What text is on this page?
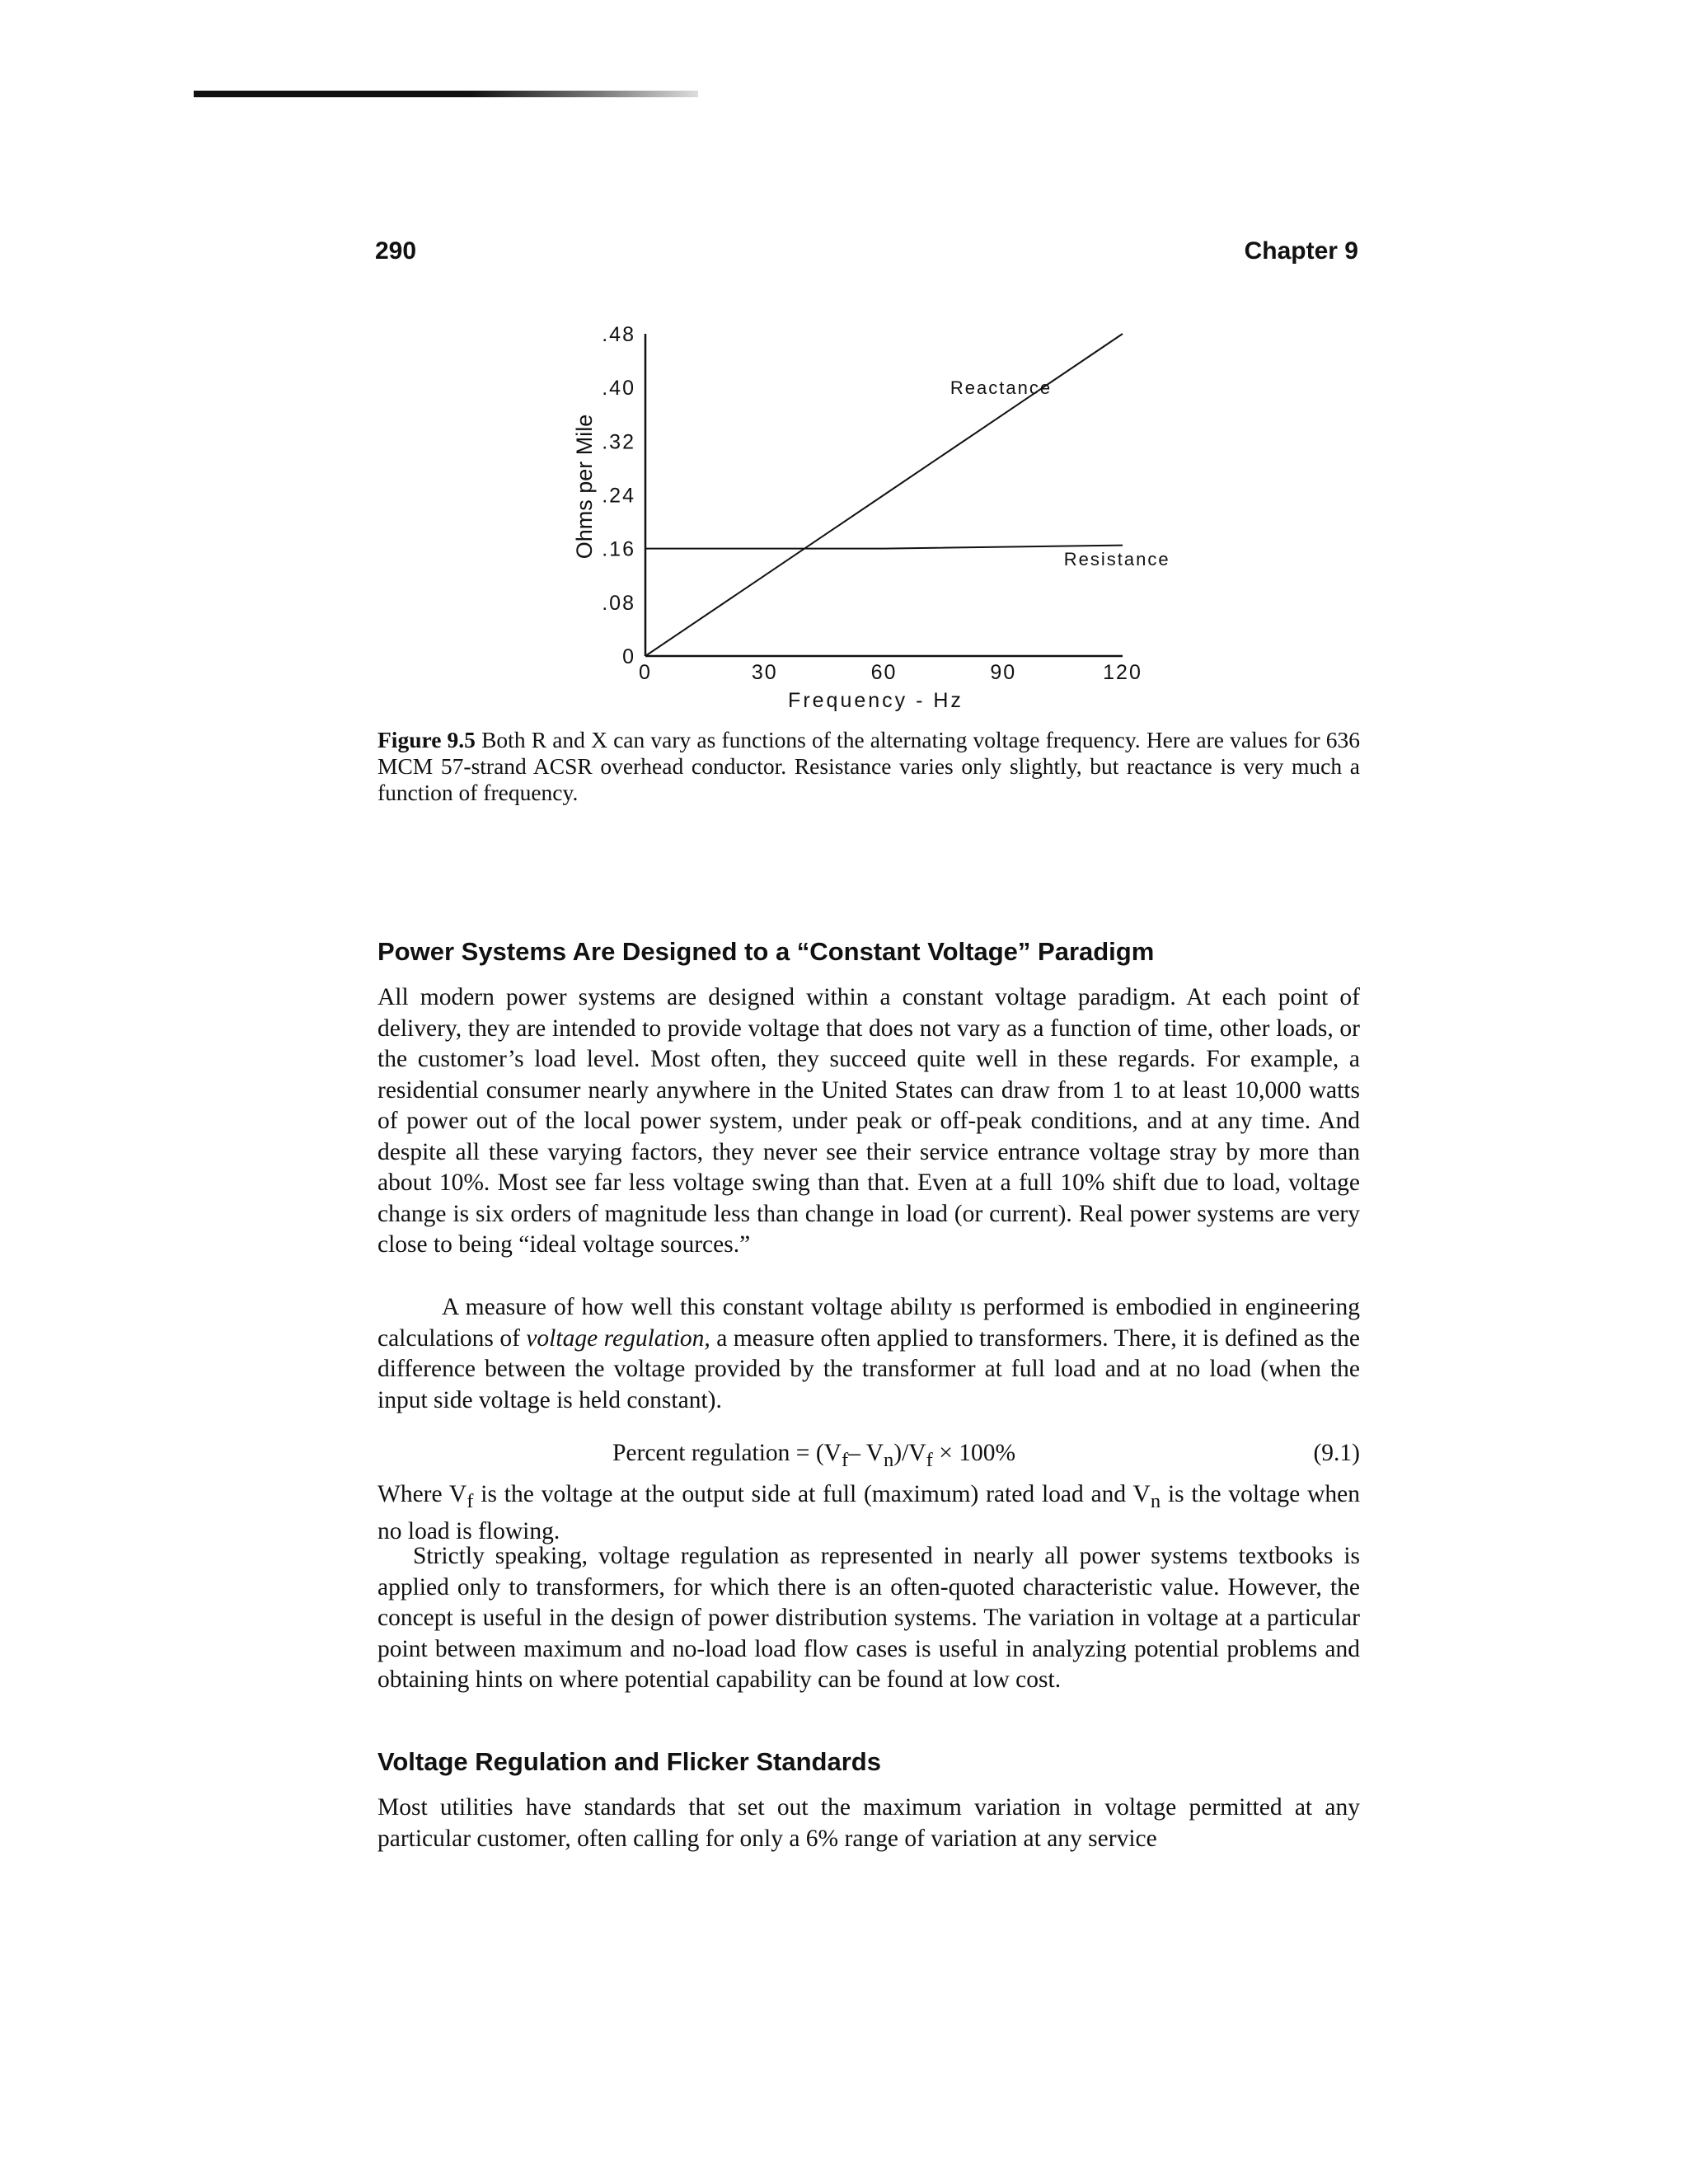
290	Chapter 9
0
.08
.16
.24
.32
.40
.48
0	30	60	90	120
Reactance
Resistance
Frequency - Hz
Ohms per Mile
Figure 9.5 Both R and X can vary as functions of the alternating voltage frequency. Here are values for 636 MCM 57-strand ACSR overhead conductor. Resistance varies only slightly, but reactance is very much a function of frequency.
Power Systems Are Designed to a “Constant Voltage” Paradigm

All modern power systems are designed within a constant voltage paradigm. At each point of delivery, they are intended to provide voltage that does not vary as a function of time, other loads, or the customer’s load level. Most often, they succeed quite well in these regards. For example, a residential consumer nearly anywhere in the United States can draw from 1 to at least 10,000 watts of power out of the local power system, under peak or off-peak conditions, and at any time. And despite all these varying factors, they never see their service entrance voltage stray by more than about 10%. Most see far less voltage swing than that. Even at a full 10% shift due to load, voltage change is six orders of magnitude less than change in load (or current). Real power systems are very close to being “ideal voltage sources.”

A measure of how well this constant voltage abilıty ıs performed is embodied in engineering calculations of voltage regulation, a measure often applied to transformers. There, it is defined as the difference between the voltage provided by the transformer at full load and at no load (when the input side voltage is held constant).

Percent regulation = ($V_f-$ $V_n)/V_f \times 100\%$	(9.1)

Where $V_f$ is the voltage at the output side at full (maximum) rated load and $V_n$ is the voltage when no load is flowing.

Strictly speaking, voltage regulation as represented in nearly all power systems textbooks is applied only to transformers, for which there is an often-quoted characteristic value. However, the concept is useful in the design of power distribution systems. The variation in voltage at a particular point between maximum and no-load load flow cases is useful in analyzing potential problems and obtaining hints on where potential capability can be found at low cost.

Voltage Regulation and Flicker Standards

Most utilities have standards that set out the maximum variation in voltage permitted at any particular customer, often calling for only a 6% range of variation at any service
